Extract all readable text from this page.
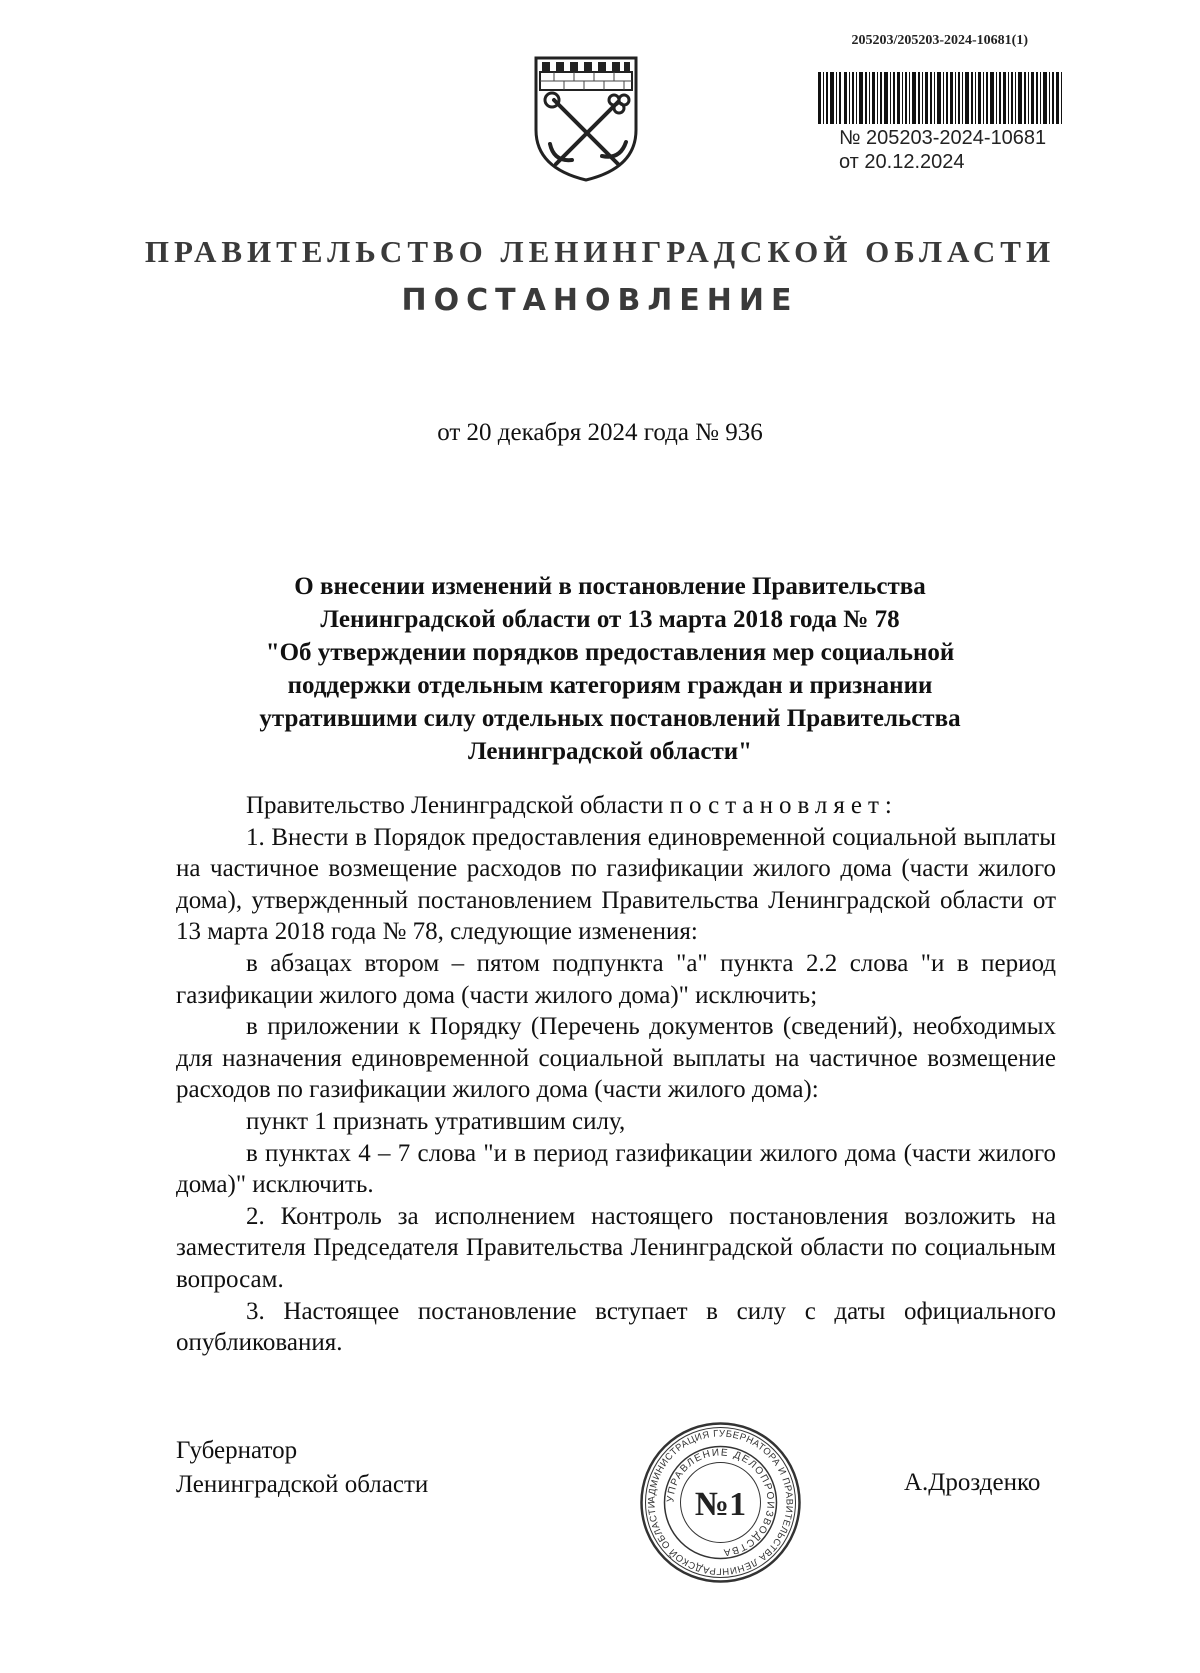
205203/205203-2024-10681(1)
№ 205203-2024-10681
от 20.12.2024
ПРАВИТЕЛЬСТВО ЛЕНИНГРАДСКОЙ ОБЛАСТИ
ПОСТАНОВЛЕНИЕ
от 20 декабря 2024 года № 936
О внесении изменений в постановление Правительства
Ленинградской области от 13 марта 2018 года № 78
"Об утверждении порядков предоставления мер социальной
поддержки отдельным категориям граждан и признании
утратившими силу отдельных постановлений Правительства
Ленинградской области"

Правительство Ленинградской области постановляет:

1. Внести в Порядок предоставления единовременной социальной выплаты на частичное возмещение расходов по газификации жилого дома (части жилого дома), утвержденный постановлением Правительства Ленинградской области от 13 марта 2018 года № 78, следующие изменения:

в абзацах втором – пятом подпункта "а" пункта 2.2 слова "и в период газификации жилого дома (части жилого дома)" исключить;

в приложении к Порядку (Перечень документов (сведений), необходимых для назначения единовременной социальной выплаты на частичное возмещение расходов по газификации жилого дома (части жилого дома):

пункт 1 признать утратившим силу,

в пунктах 4 – 7 слова "и в период газификации жилого дома (части жилого дома)" исключить.

2. Контроль за исполнением настоящего постановления возложить на заместителя Председателя Правительства Ленинградской области по социальным вопросам.

3. Настоящее постановление вступает в силу с даты официального опубликования.

Губернатор
Ленинградской области	А.Дрозденко
АДМИНИСТРАЦИЯ ГУБЕРНАТОРА И ПРАВИТЕЛЬСТВА ЛЕНИНГРАДСКОЙ ОБЛАСТИ
УПРАВЛЕНИЕ ДЕЛОПРОИЗВОДСТВА
№1
